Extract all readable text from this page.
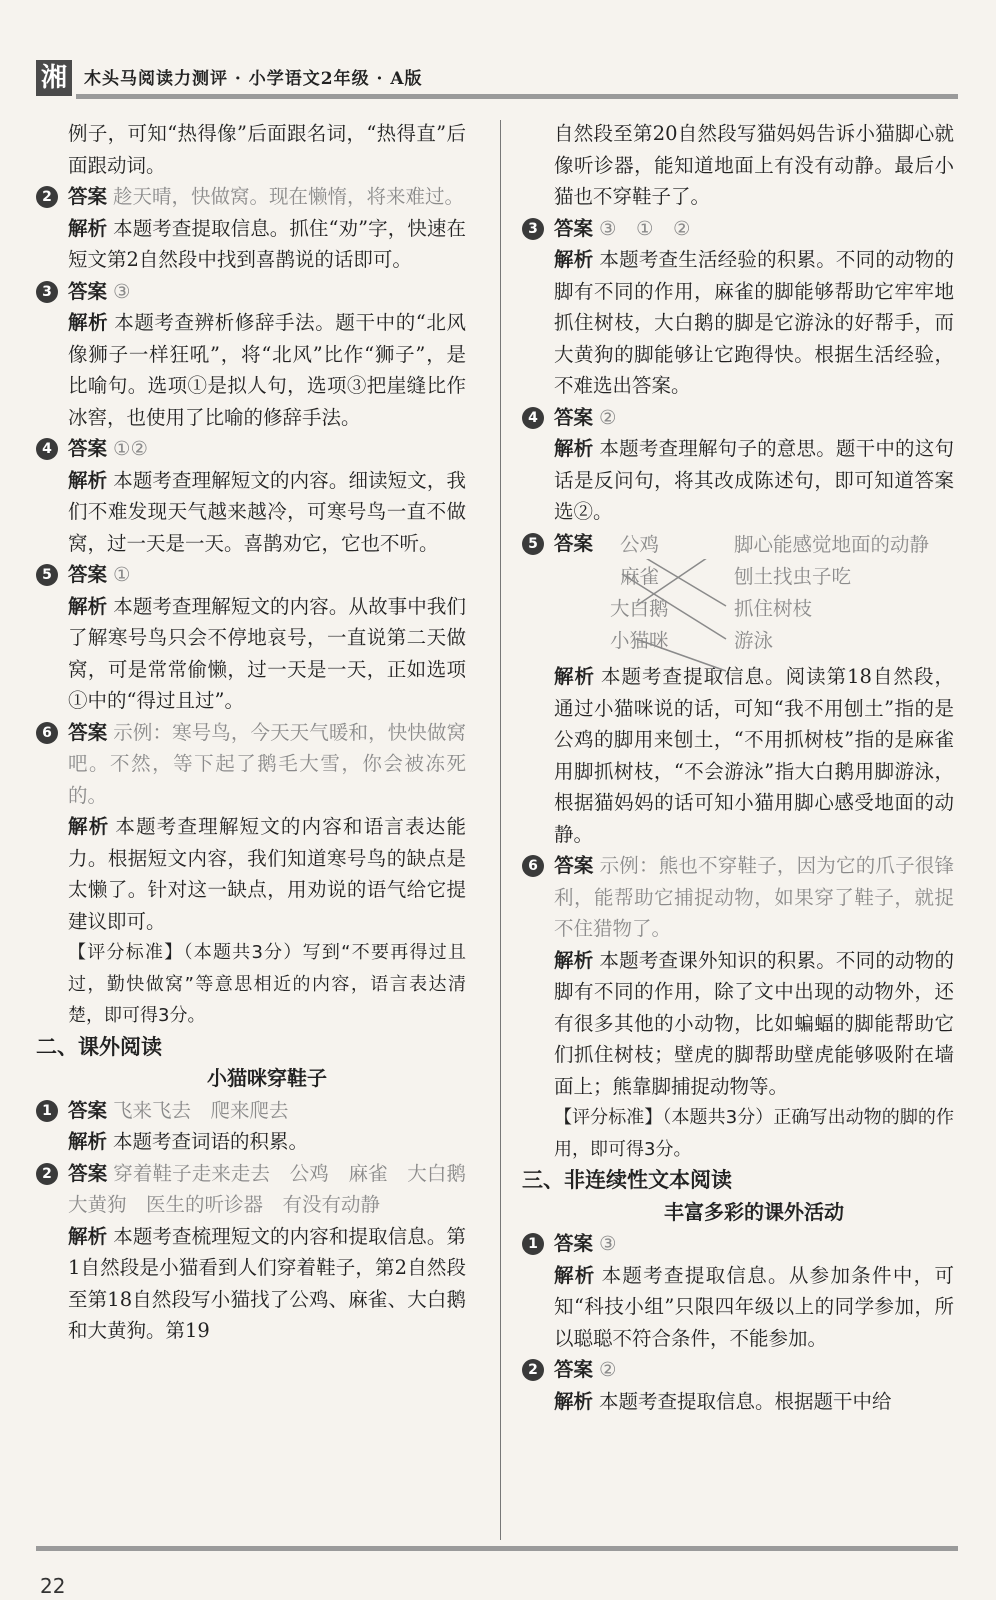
湘 木头马阅读力测评 · 小学语文2年级 · A版

例子，可知“热得像”后面跟名词，“热得直”后面跟动词。

2 答案 趁天晴，快做窝。现在懒惰，将来难过。

解析 本题考查提取信息。抓住“劝”字，快速在短文第2自然段中找到喜鹊说的话即可。

3 答案 ③

解析 本题考查辨析修辞手法。题干中的“北风像狮子一样狂吼”，将“北风”比作“狮子”，是比喻句。选项①是拟人句，选项③把崖缝比作冰窖，也使用了比喻的修辞手法。

4 答案 ①②

解析 本题考查理解短文的内容。细读短文，我们不难发现天气越来越冷，可寒号鸟一直不做窝，过一天是一天。喜鹊劝它，它也不听。

5 答案 ①

解析 本题考查理解短文的内容。从故事中我们了解寒号鸟只会不停地哀号，一直说第二天做窝，可是常常偷懒，过一天是一天，正如选项①中的“得过且过”。

6 答案 示例：寒号鸟，今天天气暖和，快快做窝吧。不然，等下起了鹅毛大雪，你会被冻死的。

解析 本题考查理解短文的内容和语言表达能力。根据短文内容，我们知道寒号鸟的缺点是太懒了。针对这一缺点，用劝说的语气给它提建议即可。

【评分标准】（本题共3分）写到“不要再得过且过，勤快做窝”等意思相近的内容，语言表达清楚，即可得3分。

二、课外阅读

小猫咪穿鞋子

1 答案 飞来飞去　爬来爬去

解析 本题考查词语的积累。

2 答案 穿着鞋子走来走去　公鸡　麻雀　大白鹅　大黄狗　医生的听诊器　有没有动静

解析 本题考查梳理短文的内容和提取信息。第1自然段是小猫看到人们穿着鞋子，第2自然段至第18自然段写小猫找了公鸡、麻雀、大白鹅和大黄狗。第19

自然段至第20自然段写猫妈妈告诉小猫脚心就像听诊器，能知道地面上有没有动静。最后小猫也不穿鞋子了。

3 答案 ③　①　②

解析 本题考查生活经验的积累。不同的动物的脚有不同的作用，麻雀的脚能够帮助它牢牢地抓住树枝，大白鹅的脚是它游泳的好帮手，而大黄狗的脚能够让它跑得快。根据生活经验，不难选出答案。

4 答案 ②

解析 本题考查理解句子的意思。题干中的这句话是反问句，将其改成陈述句，即可知道答案选②。

5 答案	公鸡
麻雀
大白鹅
小猫咪
脚心能感觉地面的动静
刨土找虫子吃
抓住树枝
游泳

解析 本题考查提取信息。阅读第18自然段，通过小猫咪说的话，可知“我不用刨土”指的是公鸡的脚用来刨土，“不用抓树枝”指的是麻雀用脚抓树枝，“不会游泳”指大白鹅用脚游泳，根据猫妈妈的话可知小猫用脚心感受地面的动静。

6 答案 示例：熊也不穿鞋子，因为它的爪子很锋利，能帮助它捕捉动物，如果穿了鞋子，就捉不住猎物了。

解析 本题考查课外知识的积累。不同的动物的脚有不同的作用，除了文中出现的动物外，还有很多其他的小动物，比如蝙蝠的脚能帮助它们抓住树枝；壁虎的脚帮助壁虎能够吸附在墙面上；熊靠脚捕捉动物等。

【评分标准】（本题共3分）正确写出动物的脚的作用，即可得3分。

三、非连续性文本阅读

丰富多彩的课外活动

1 答案 ③

解析 本题考查提取信息。从参加条件中，可知“科技小组”只限四年级以上的同学参加，所以聪聪不符合条件，不能参加。

2 答案 ②

解析 本题考查提取信息。根据题干中给

22
